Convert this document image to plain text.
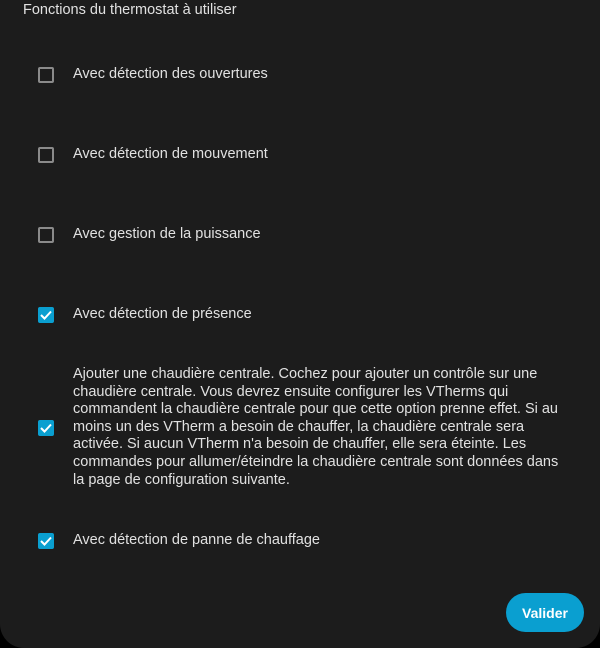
Fonctions du thermostat à utiliser
Avec détection des ouvertures
Avec détection de mouvement
Avec gestion de la puissance
Avec détection de présence
Ajouter une chaudière centrale. Cochez pour ajouter un contrôle sur une chaudière centrale. Vous devrez ensuite configurer les VTherms qui commandent la chaudière centrale pour que cette option prenne effet. Si au moins un des VTherm a besoin de chauffer, la chaudière centrale sera activée. Si aucun VTherm n'a besoin de chauffer, elle sera éteinte. Les commandes pour allumer/éteindre la chaudière centrale sont données dans la page de configuration suivante.
Avec détection de panne de chauffage
Valider
